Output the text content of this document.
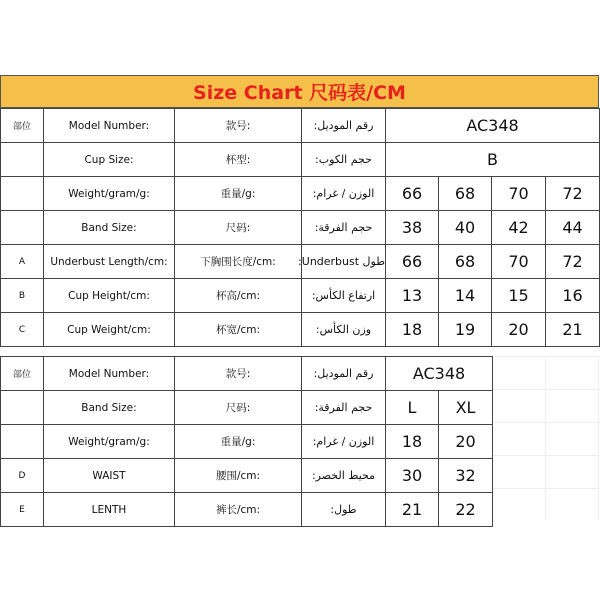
Size Chart 尺码表/CM
部位	Model Number:	款号:	رقم الموديل:	AC348			
	Cup Size:	杯型:	حجم الكوب:	B			
	Weight/gram/g:	重量/g:	الوزن / غرام:	66	68	70	72
	Band Size:	尺码:	حجم الفرقة:	38	40	42	44
A	Underbust Length/cm:	下胸围长度/cm:	طول Underbust:	66	68	70	72
B	Cup Height/cm:	杯高/cm:	ارتفاع الكأس:	13	14	15	16
C	Cup Weight/cm:	杯宽/cm:	وزن الكأس:	18	19	20	21
部位	Model Number:	款号:	رقم الموديل:	AC348	
	Band Size:	尺码:	حجم الفرقة:	L	XL
	Weight/gram/g:	重量/g:	الوزن / غرام:	18	20
D	WAIST	腰围/cm:	محيط الخصر:	30	32
E	LENTH	裤长/cm:	طول:	21	22
